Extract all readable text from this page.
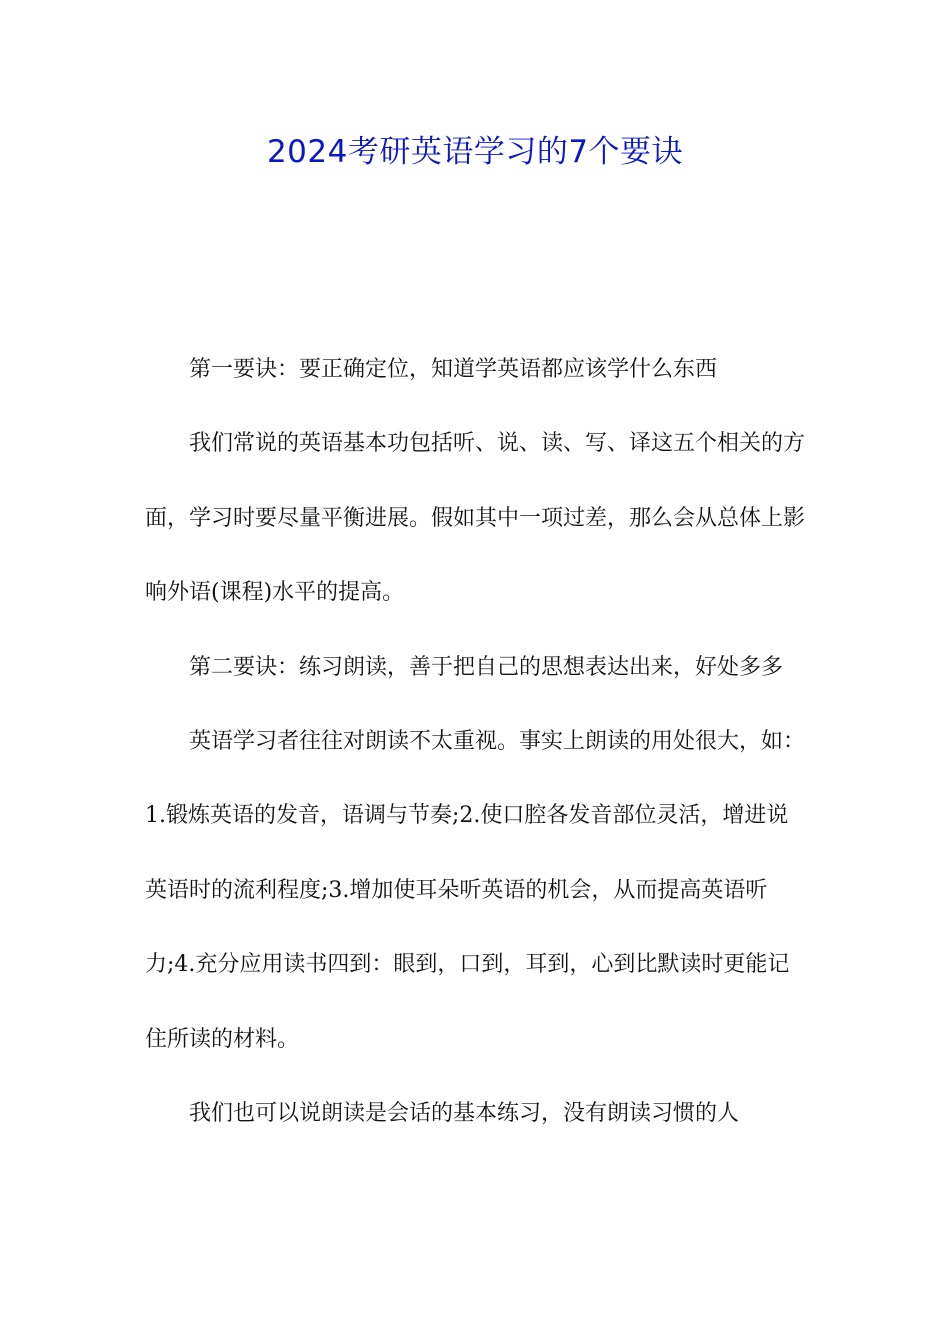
2024考研英语学习的7个要诀

第一要诀：要正确定位，知道学英语都应该学什么东西

我们常说的英语基本功包括听、说、读、写、译这五个相关的方面，学习时要尽量平衡进展。假如其中一项过差，那么会从总体上影响外语(课程)水平的提高。

第二要诀：练习朗读，善于把自己的思想表达出来，好处多多

英语学习者往往对朗读不太重视。事实上朗读的用处很大，如：1.锻炼英语的发音，语调与节奏;2.使口腔各发音部位灵活，增进说英语时的流利程度;3.增加使耳朵听英语的机会，从而提高英语听力;4.充分应用读书四到：眼到，口到，耳到，心到比默读时更能记住所读的材料。

我们也可以说朗读是会话的基本练习，没有朗读习惯的人
